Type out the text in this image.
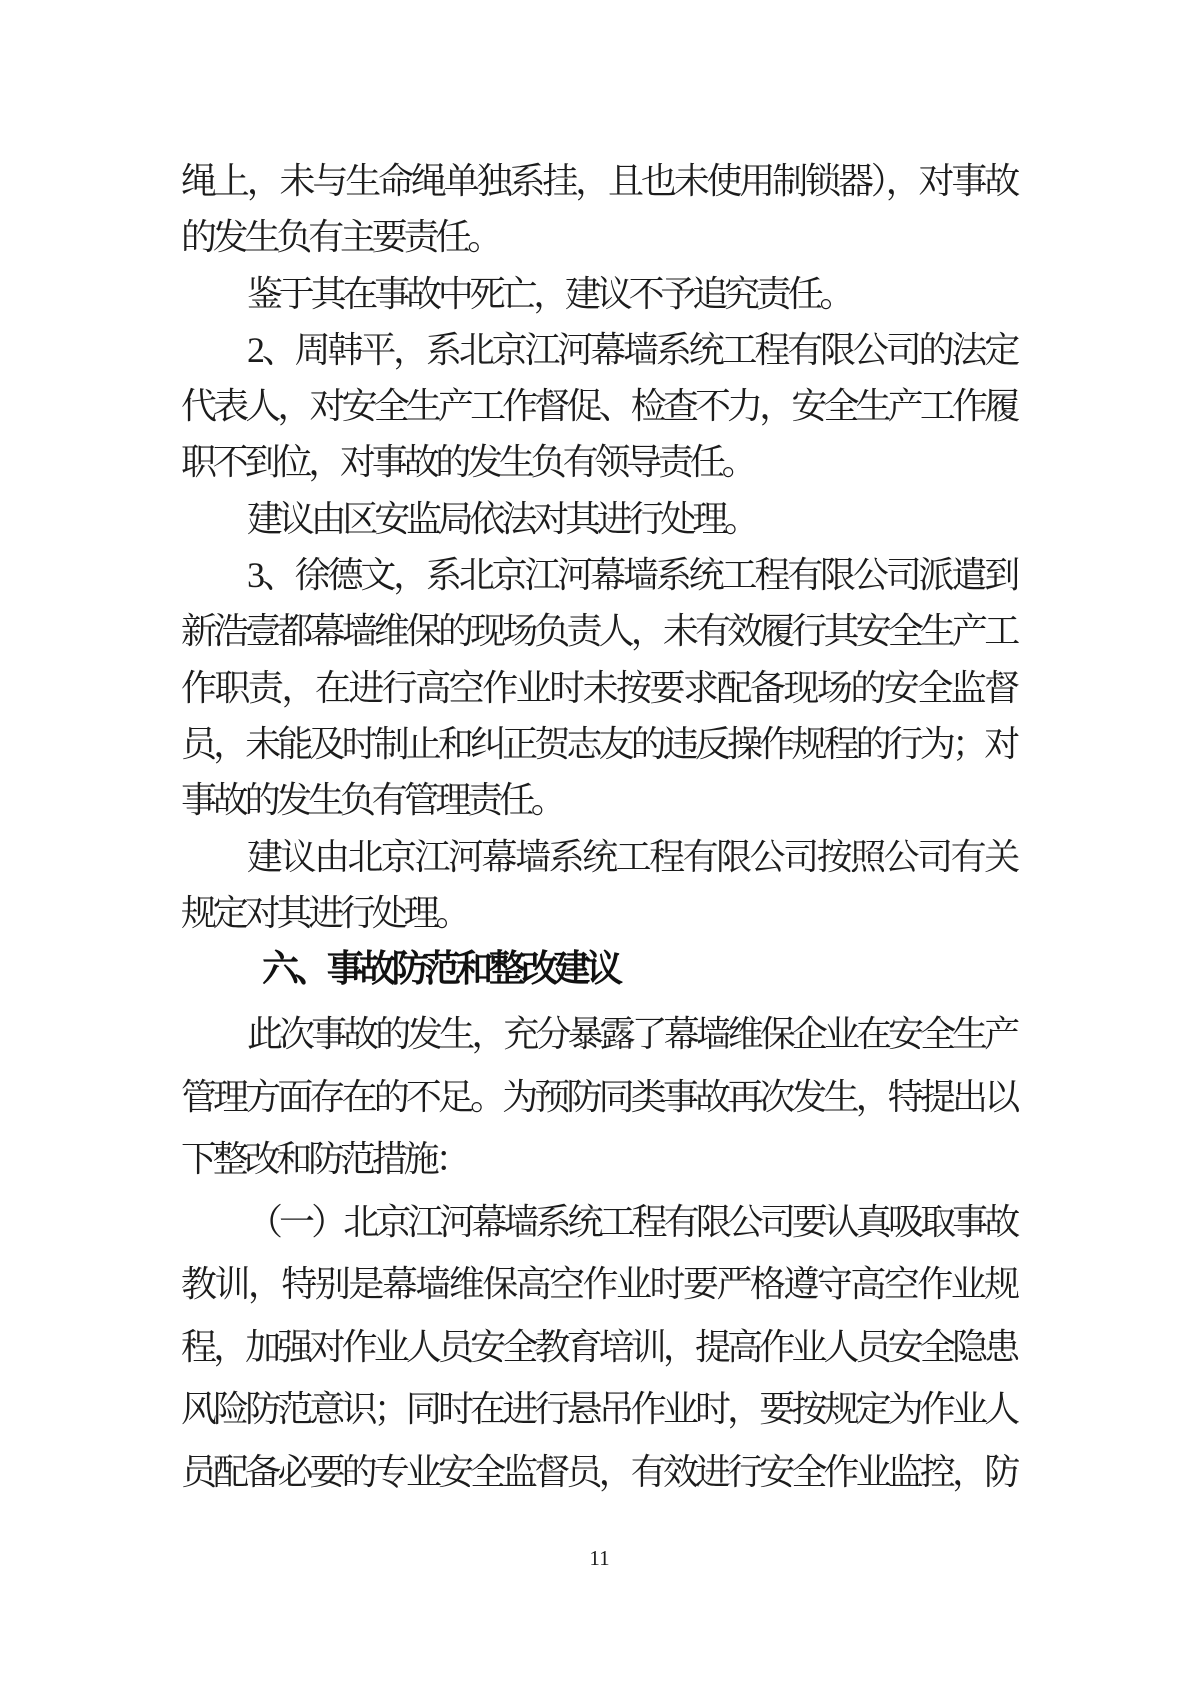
绳上，未与生命绳单独系挂，且也未使用制锁器），对事故
的发生负有主要责任。
鉴于其在事故中死亡，建议不予追究责任。
2、周韩平，系北京江河幕墙系统工程有限公司的法定
代表人，对安全生产工作督促、检查不力，安全生产工作履
职不到位，对事故的发生负有领导责任。
建议由区安监局依法对其进行处理。
3、徐德文，系北京江河幕墙系统工程有限公司派遣到
新浩壹都幕墙维保的现场负责人，未有效履行其安全生产工
作职责，在进行高空作业时未按要求配备现场的安全监督
员，未能及时制止和纠正贺志友的违反操作规程的行为；对
事故的发生负有管理责任。
建议由北京江河幕墙系统工程有限公司按照公司有关
规定对其进行处理。
六、事故防范和整改建议
此次事故的发生，充分暴露了幕墙维保企业在安全生产
管理方面存在的不足。为预防同类事故再次发生，特提出以
下整改和防范措施：
（一）北京江河幕墙系统工程有限公司要认真吸取事故
教训，特别是幕墙维保高空作业时要严格遵守高空作业规
程，加强对作业人员安全教育培训，提高作业人员安全隐患
风险防范意识；同时在进行悬吊作业时，要按规定为作业人
员配备必要的专业安全监督员，有效进行安全作业监控，防
11
